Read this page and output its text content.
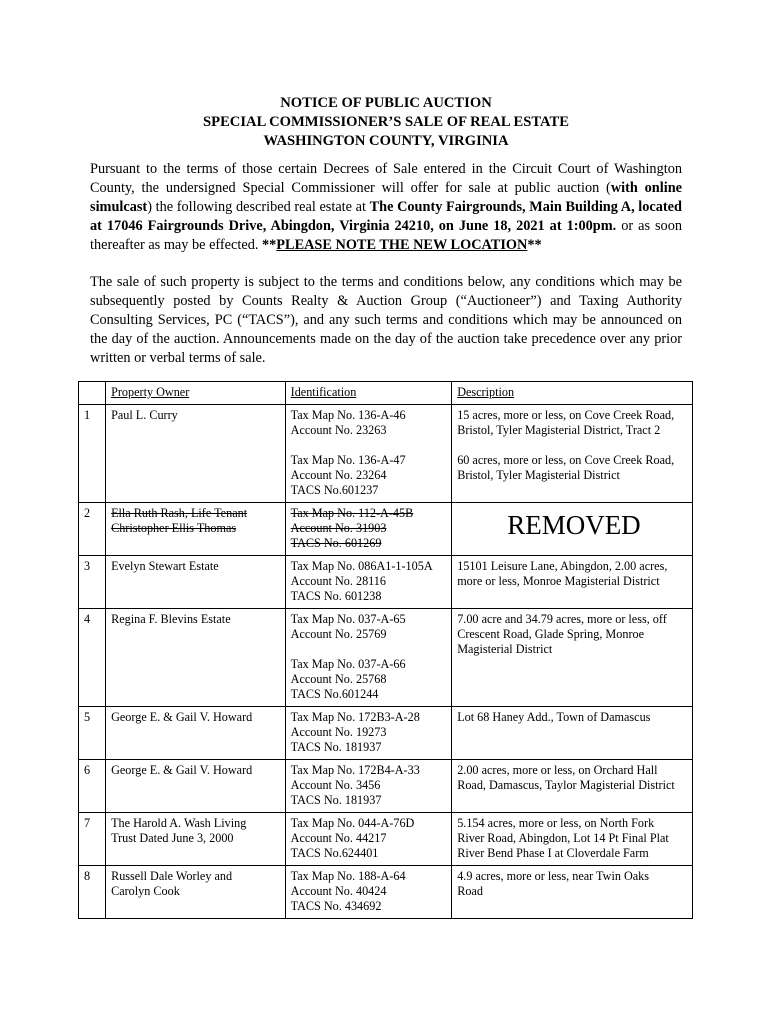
NOTICE OF PUBLIC AUCTION
SPECIAL COMMISSIONER’S SALE OF REAL ESTATE
WASHINGTON COUNTY, VIRGINIA
Pursuant to the terms of those certain Decrees of Sale entered in the Circuit Court of Washington County, the undersigned Special Commissioner will offer for sale at public auction (with online simulcast) the following described real estate at The County Fairgrounds, Main Building A, located at 17046 Fairgrounds Drive, Abingdon, Virginia 24210, on June 18, 2021 at 1:00pm. or as soon thereafter as may be effected. **PLEASE NOTE THE NEW LOCATION**
The sale of such property is subject to the terms and conditions below, any conditions which may be subsequently posted by Counts Realty & Auction Group (“Auctioneer”) and Taxing Authority Consulting Services, PC (“TACS”), and any such terms and conditions which may be announced on the day of the auction. Announcements made on the day of the auction take precedence over any prior written or verbal terms of sale.
	Property Owner	Identification	Description
1	Paul L. Curry	Tax Map No. 136-A-46
Account No. 23263
Tax Map No. 136-A-47
Account No. 23264
TACS No.601237	15 acres, more or less, on Cove Creek Road,
Bristol, Tyler Magisterial District, Tract 2
60 acres, more or less, on Cove Creek Road,
Bristol, Tyler Magisterial District

2	Ella Ruth Rash, Life Tenant
Christopher Ellis Thomas	Tax Map No. 112-A-45B
Account No. 31903
TACS No. 601269	REMOVED

3	Evelyn Stewart Estate	Tax Map No. 086A1-1-105A
Account No. 28116
TACS No. 601238	15101 Leisure Lane, Abingdon, 2.00 acres,
more or less, Monroe Magisterial District

4	Regina F. Blevins Estate	Tax Map No. 037-A-65
Account No. 25769
Tax Map No. 037-A-66
Account No. 25768
TACS No.601244	7.00 acre and 34.79 acres, more or less, off
Crescent Road, Glade Spring, Monroe
Magisterial District

5	George E. & Gail V. Howard	Tax Map No. 172B3-A-28
Account No. 19273
TACS No. 181937	Lot 68 Haney Add., Town of Damascus

6	George E. & Gail V. Howard	Tax Map No. 172B4-A-33
Account No. 3456
TACS No. 181937	2.00 acres, more or less, on Orchard Hall
Road, Damascus, Taylor Magisterial District

7	The Harold A. Wash Living
Trust Dated June 3, 2000	Tax Map No. 044-A-76D
Account No. 44217
TACS No.624401	5.154 acres, more or less, on North Fork
River Road, Abingdon, Lot 14 Pt Final Plat
River Bend Phase I at Cloverdale Farm

8	Russell Dale Worley and
Carolyn Cook	Tax Map No. 188-A-64
Account No. 40424
TACS No. 434692	4.9 acres, more or less, near Twin Oaks
Road
